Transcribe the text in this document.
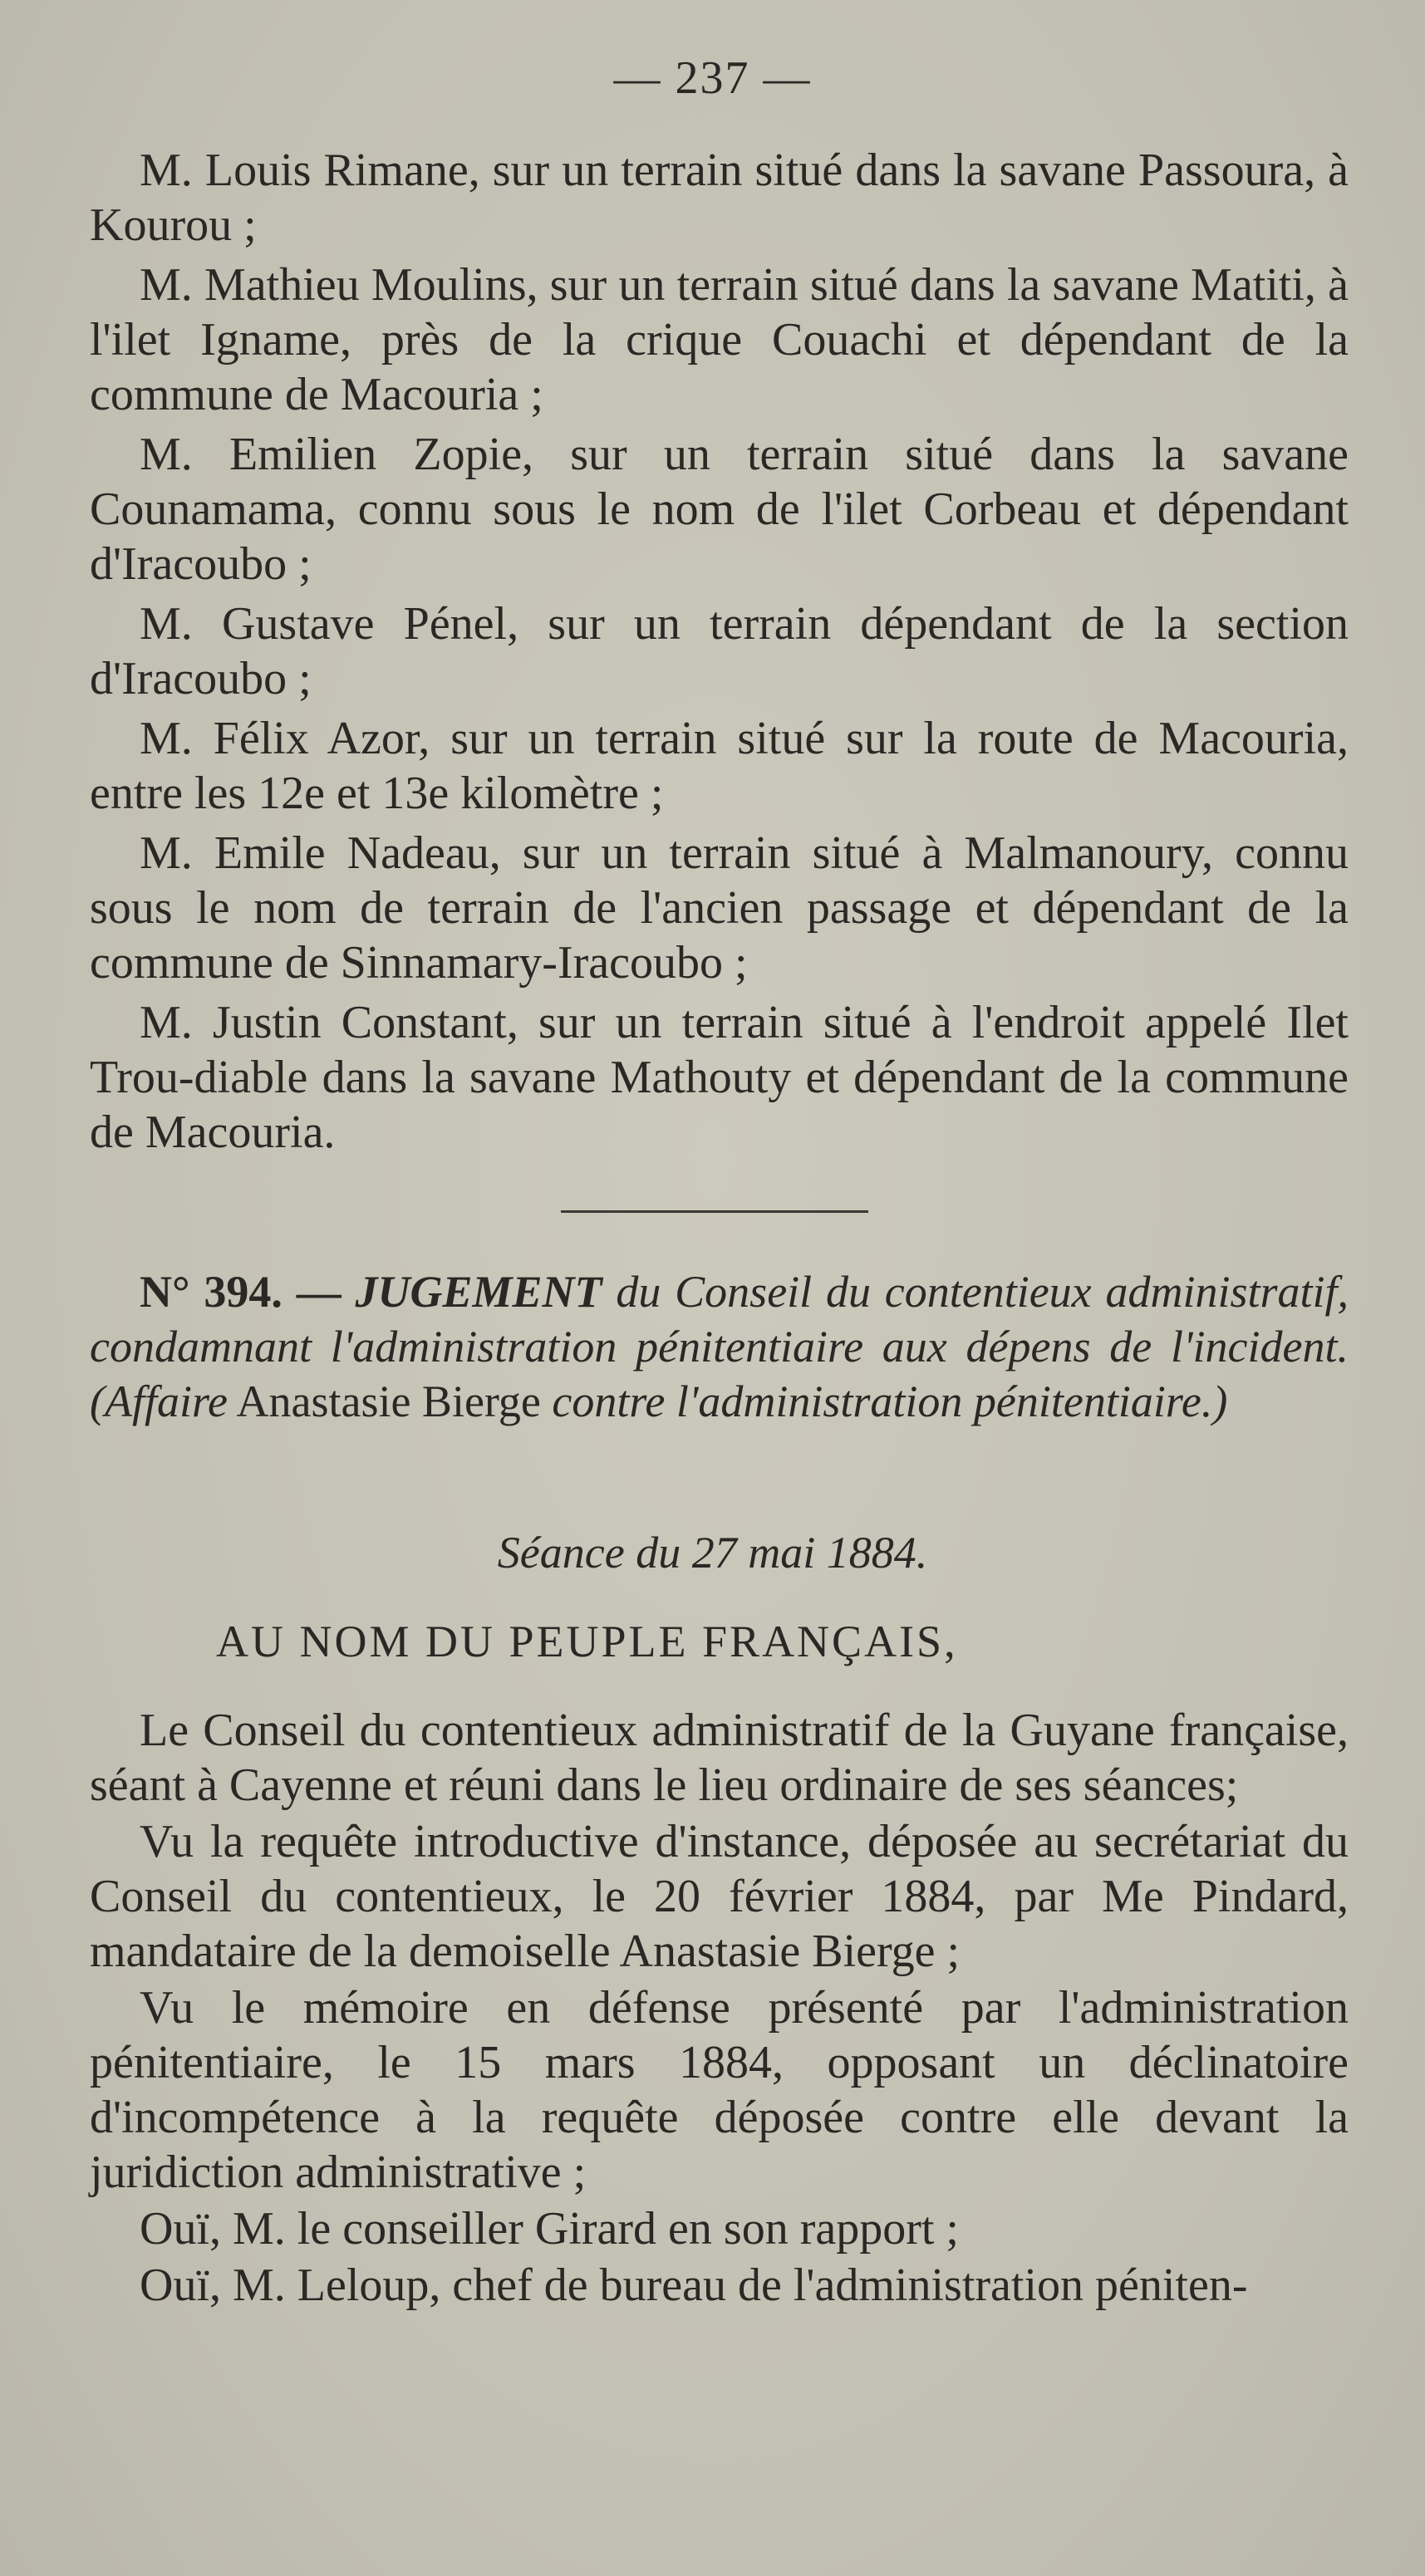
— 237 —

M. Louis Rimane, sur un terrain situé dans la savane Passoura, à Kourou ;

M. Mathieu Moulins, sur un terrain situé dans la savane Matiti, à l'ilet Igname, près de la crique Couachi et dépendant de la commune de Macouria ;

M. Emilien Zopie, sur un terrain situé dans la savane Counamama, connu sous le nom de l'ilet Corbeau et dépendant d'Iracoubo ;

M. Gustave Pénel, sur un terrain dépendant de la section d'Iracoubo ;

M. Félix Azor, sur un terrain situé sur la route de Macouria, entre les 12e et 13e kilomètre ;

M. Emile Nadeau, sur un terrain situé à Malmanoury, connu sous le nom de terrain de l'ancien passage et dépendant de la commune de Sinnamary-Iracoubo ;

M. Justin Constant, sur un terrain situé à l'endroit appelé Ilet Trou-diable dans la savane Mathouty et dépendant de la commune de Macouria.

N° 394. — JUGEMENT du Conseil du contentieux administratif, condamnant l'administration pénitentiaire aux dépens de l'incident. (Affaire Anastasie Bierge contre l'administration pénitentiaire.)
Séance du 27 mai 1884.
AU NOM DU PEUPLE FRANÇAIS,

Le Conseil du contentieux administratif de la Guyane française, séant à Cayenne et réuni dans le lieu ordinaire de ses séances;

Vu la requête introductive d'instance, déposée au secrétariat du Conseil du contentieux, le 20 février 1884, par Me Pindard, mandataire de la demoiselle Anastasie Bierge ;

Vu le mémoire en défense présenté par l'administration pénitentiaire, le 15 mars 1884, opposant un déclinatoire d'incompétence à la requête déposée contre elle devant la juridiction administrative ;

Ouï, M. le conseiller Girard en son rapport ;

Ouï, M. Leloup, chef de bureau de l'administration péniten-
